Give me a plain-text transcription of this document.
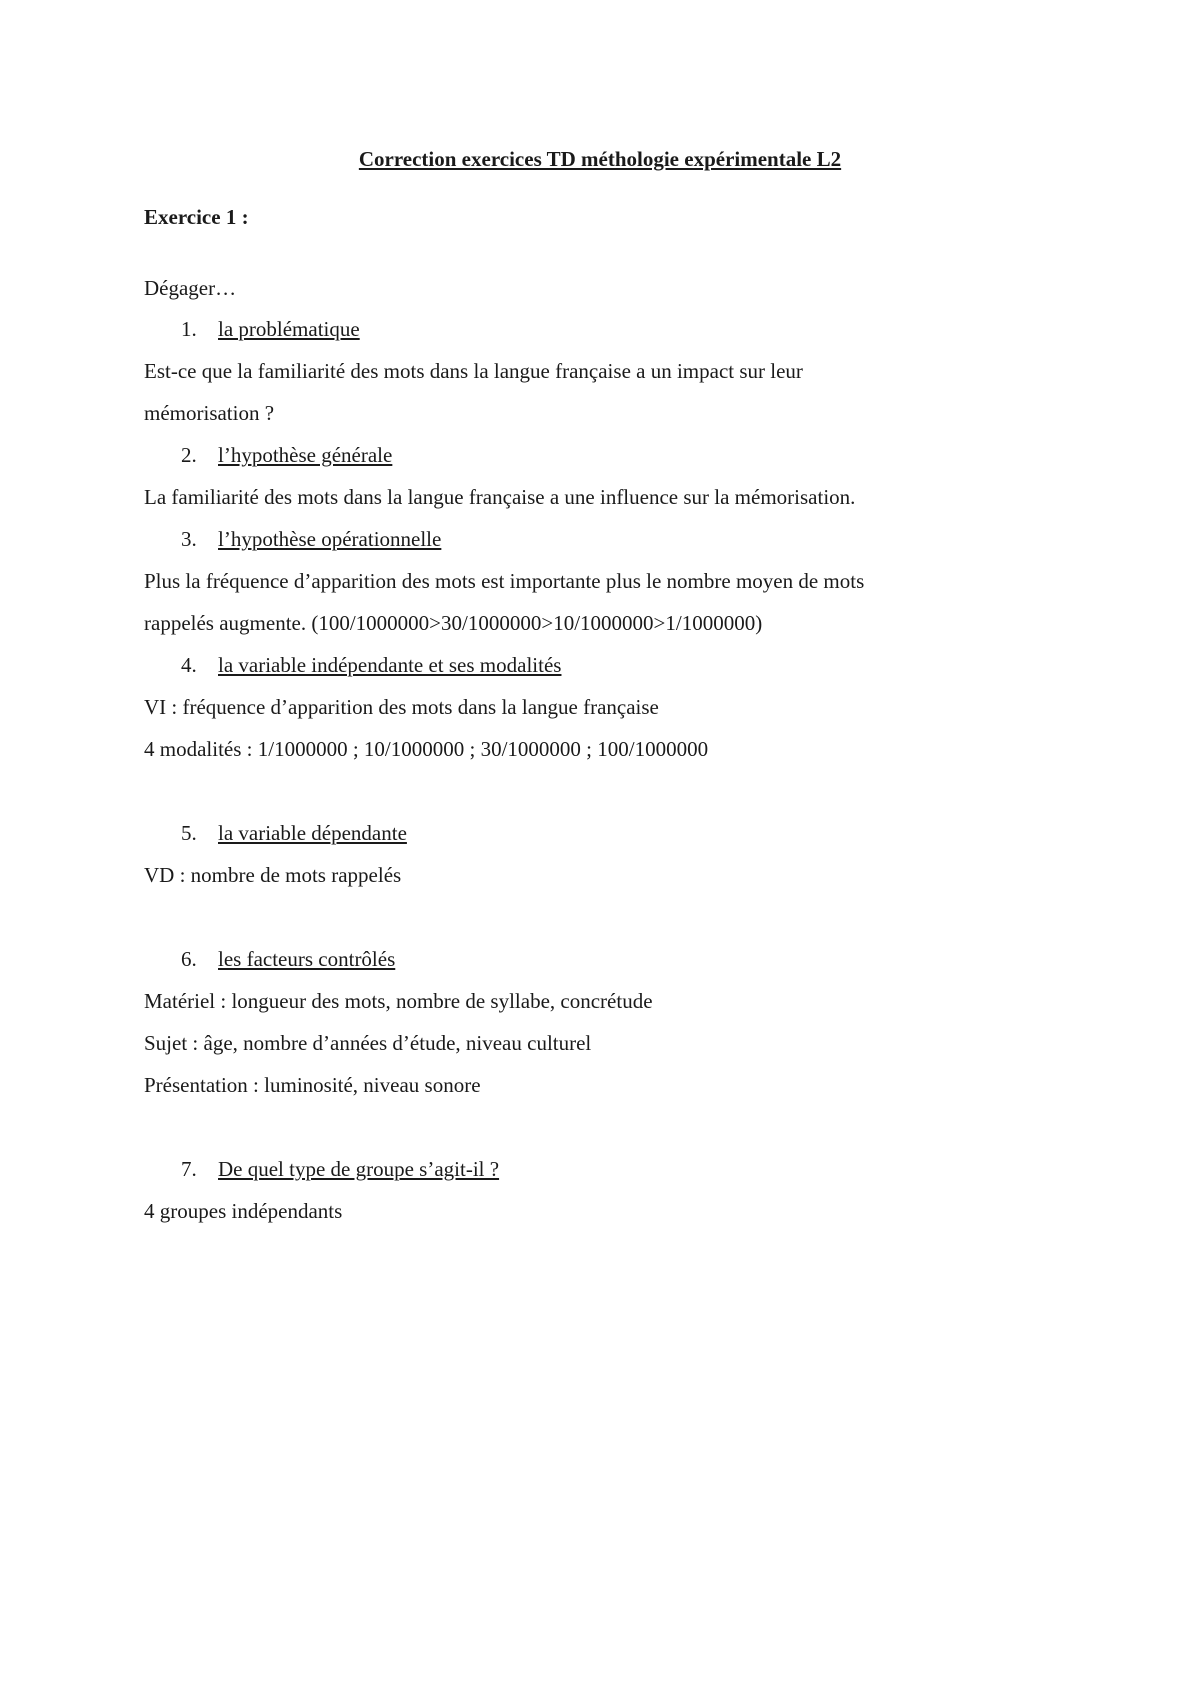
Correction exercices TD méthologie expérimentale L2
Exercice 1 :
Dégager…
1. la problématique
Est-ce que la familiarité des mots dans la langue française a un impact sur leur
mémorisation ?
2. l’hypothèse générale
La familiarité des mots dans la langue française a une influence sur la mémorisation.
3. l’hypothèse opérationnelle
Plus la fréquence d’apparition des mots est importante plus le nombre moyen de mots
rappelés augmente. (100/1000000>30/1000000>10/1000000>1/1000000)
4. la variable indépendante et ses modalités
VI : fréquence d’apparition des mots dans la langue française
4 modalités : 1/1000000 ; 10/1000000 ; 30/1000000 ; 100/1000000
5. la variable dépendante
VD : nombre de mots rappelés
6. les facteurs contrôlés
Matériel : longueur des mots, nombre de syllabe, concrétude
Sujet : âge, nombre d’années d’étude, niveau culturel
Présentation : luminosité, niveau sonore
7. De quel type de groupe s’agit-il ?
4 groupes indépendants
